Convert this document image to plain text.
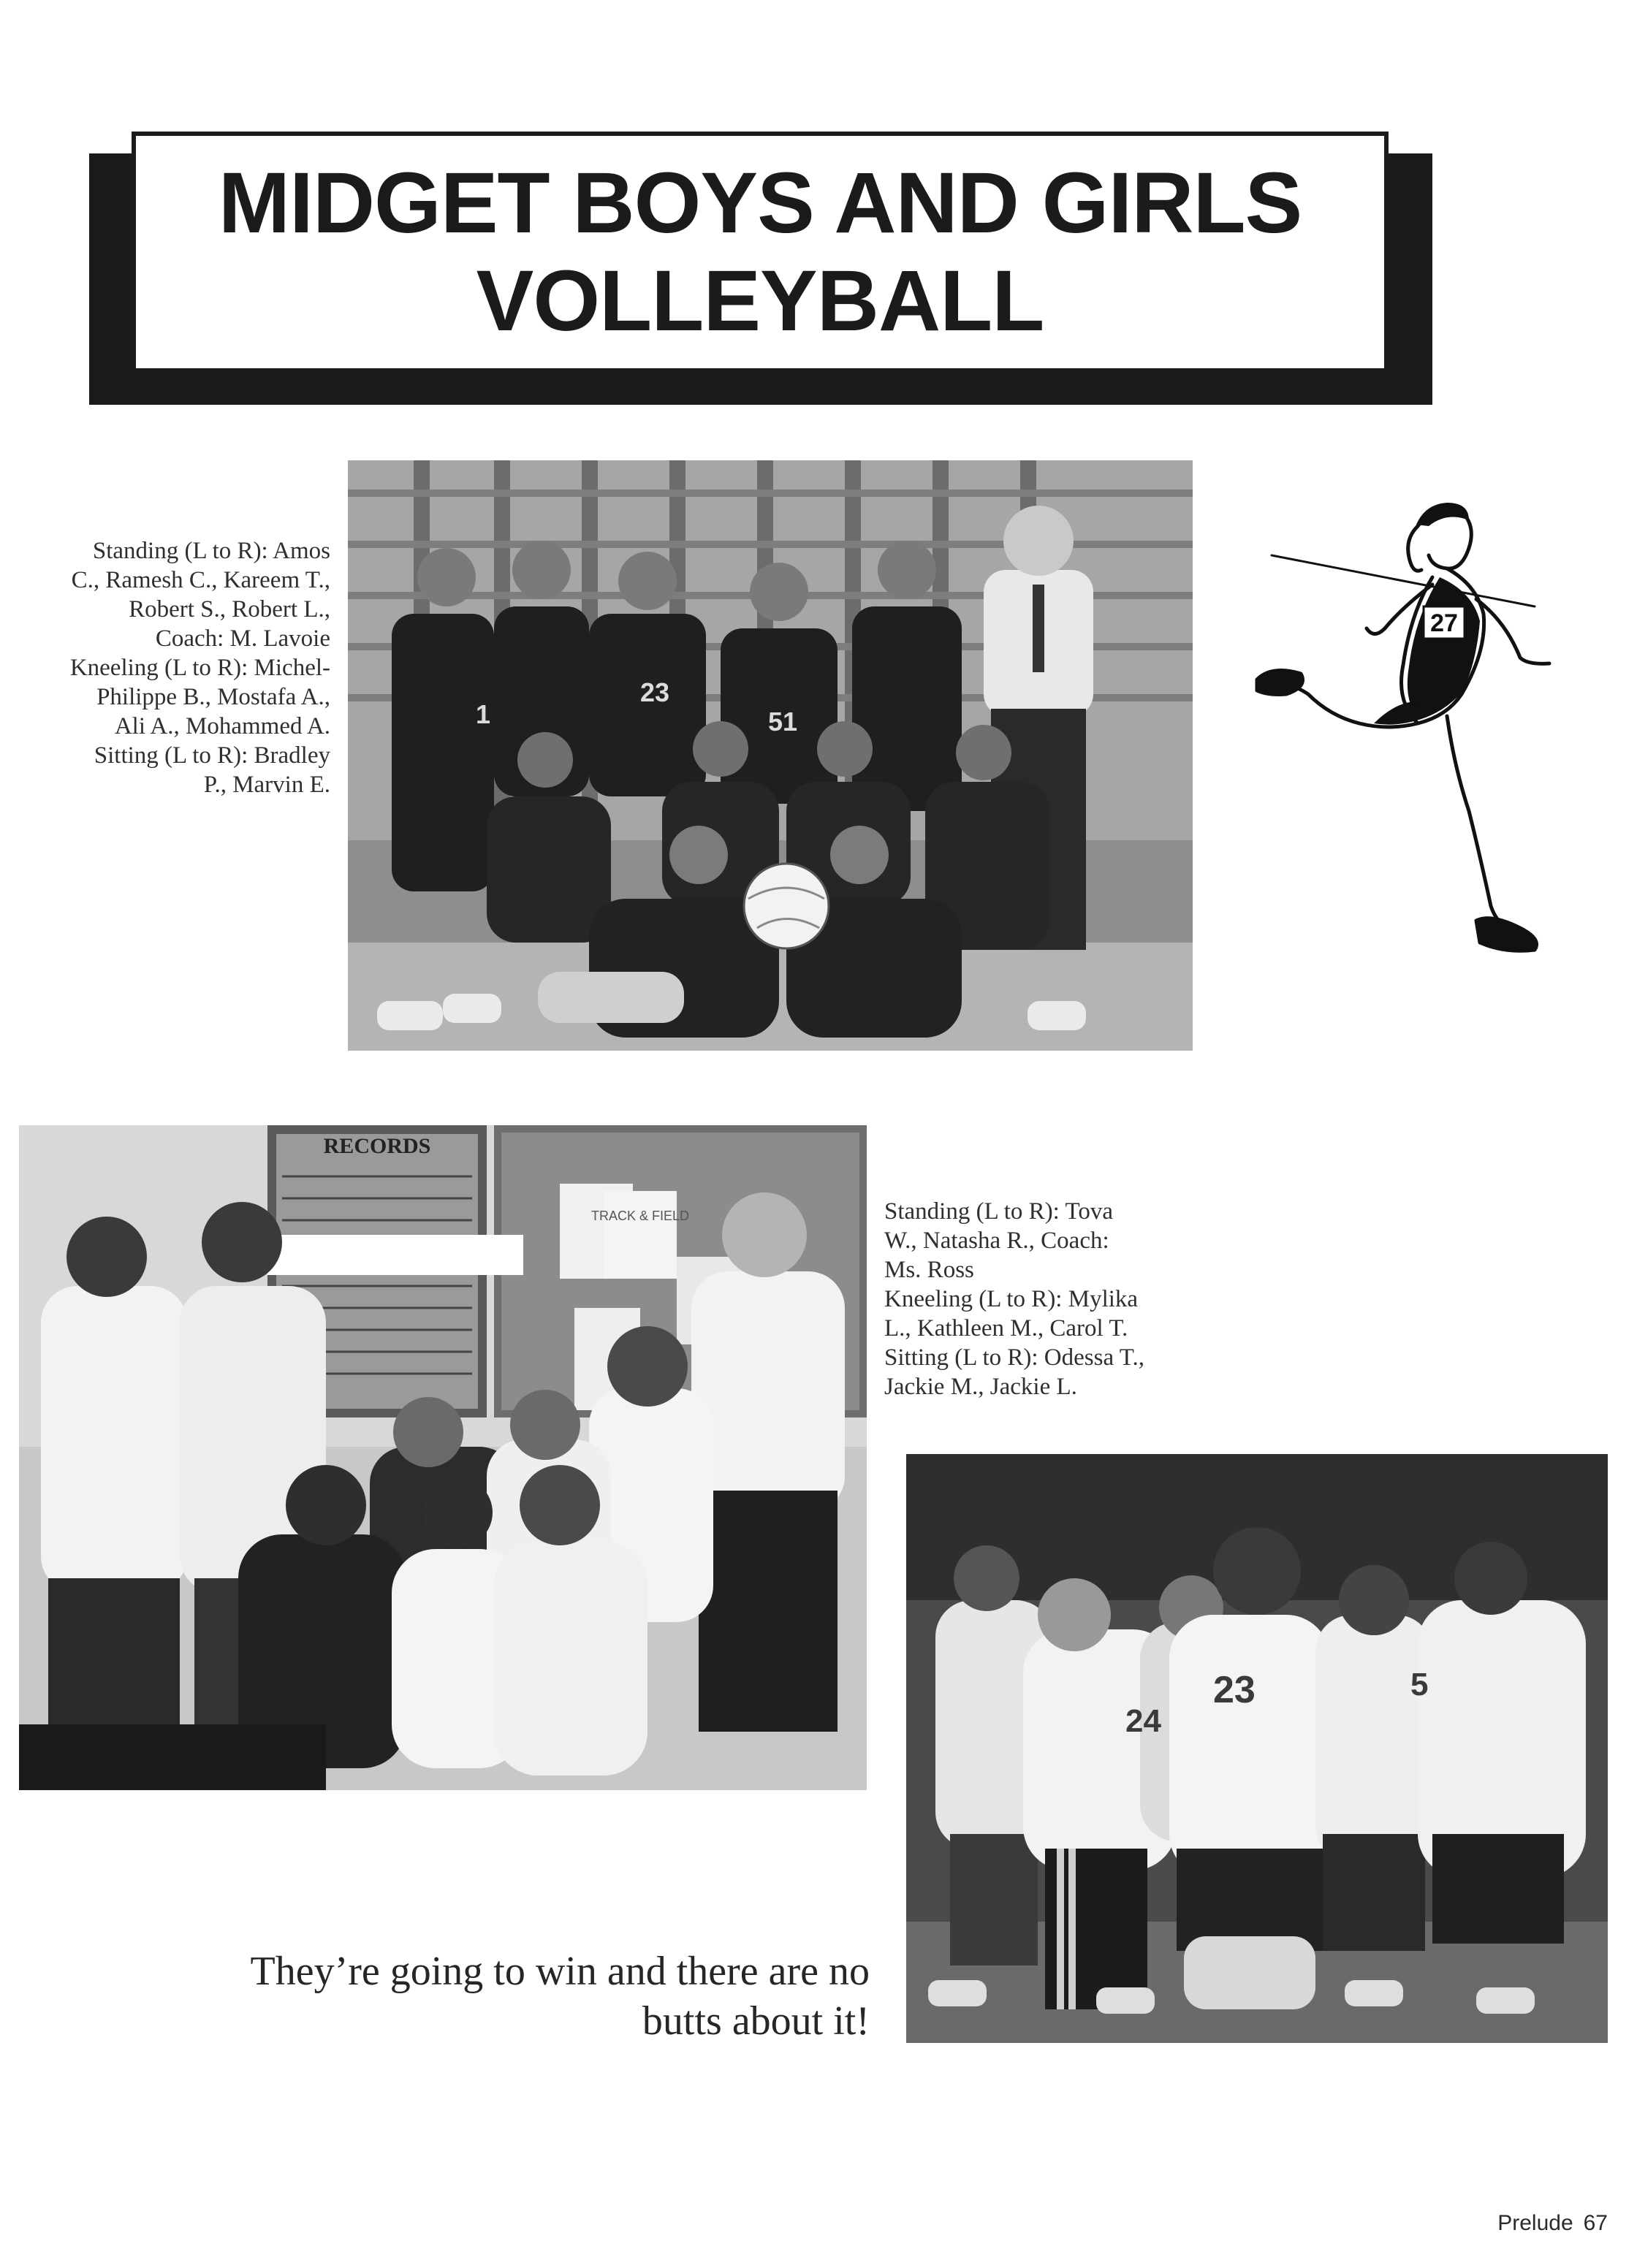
MIDGET BOYS AND GIRLS
VOLLEYBALL
Standing (L to R): Amos
C., Ramesh C., Kareem T.,
Robert S., Robert L.,
Coach: M. Lavoie
Kneeling (L to R): Michel-
Philippe B., Mostafa A.,
Ali A., Mohammed A.
Sitting (L to R): Bradley
P., Marvin E.
1
23
51
27
RECORDS
TRACK & FIELD	Standing (L to R): Tova
W., Natasha R., Coach:
Ms. Ross
Kneeling (L to R): Mylika
L., Kathleen M., Carol T.
Sitting (L to R): Odessa T.,
Jackie M., Jackie L.
24
23	5
They’re going to win and there are no
butts about it!
Prelude 67
